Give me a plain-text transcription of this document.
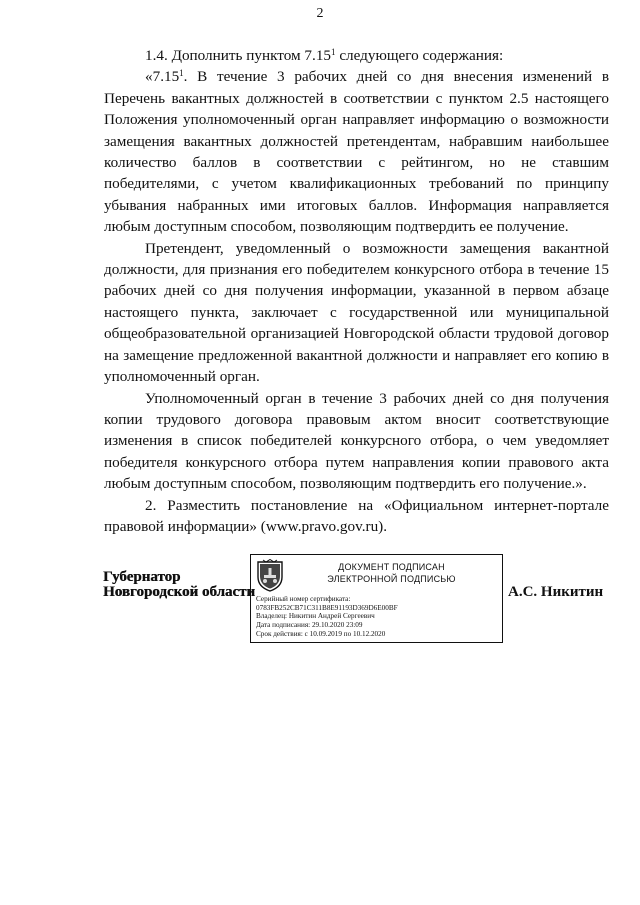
2

1.4. Дополнить пунктом 7.15$^1$ следующего содержания:

«7.15$^1$. В течение 3 рабочих дней со дня внесения изменений в Перечень вакантных должностей в соответствии с пунктом 2.5 настоящего Положения уполномоченный орган направляет информацию о возможности замещения вакантных должностей претендентам, набравшим наибольшее количество баллов в соответствии с рейтингом, но не ставшим победителями, с учетом квалификационных требований по принципу убывания набранных ими итоговых баллов. Информация направляется любым доступным способом, позволяющим подтвердить ее получение.

Претендент, уведомленный о возможности замещения вакантной должности, для признания его победителем конкурсного отбора в течение 15 рабочих дней со дня получения информации, указанной в первом абзаце настоящего пункта, заключает с государственной или муниципальной общеобразовательной организацией Новгородской области трудовой договор на замещение предложенной вакантной должности и направляет его копию в уполномоченный орган.

Уполномоченный орган в течение 3 рабочих дней со дня получения копии трудового договора правовым актом вносит соответствующие изменения в список победителей конкурсного отбора, о чем уведомляет победителя конкурсного отбора путем направления копии правового акта любым доступным способом, позволяющим подтвердить его получение.».

2. Разместить постановление на «Официальном интернет-портале правовой информации» (www.pravo.gov.ru).

Губернатор
Новгородской области
ДОКУМЕНТ ПОДПИСАН
ЭЛЕКТРОННОЙ ПОДПИСЬЮ
Серийный номер сертификата:
0783FB252CB71C311B8E91193D369D6E00BF
Владелец: Никитин Андрей Сергеевич
Дата подписания: 29.10.2020 23:09
Срок действия: с 10.09.2019 по 10.12.2020
А.С. Никитин
